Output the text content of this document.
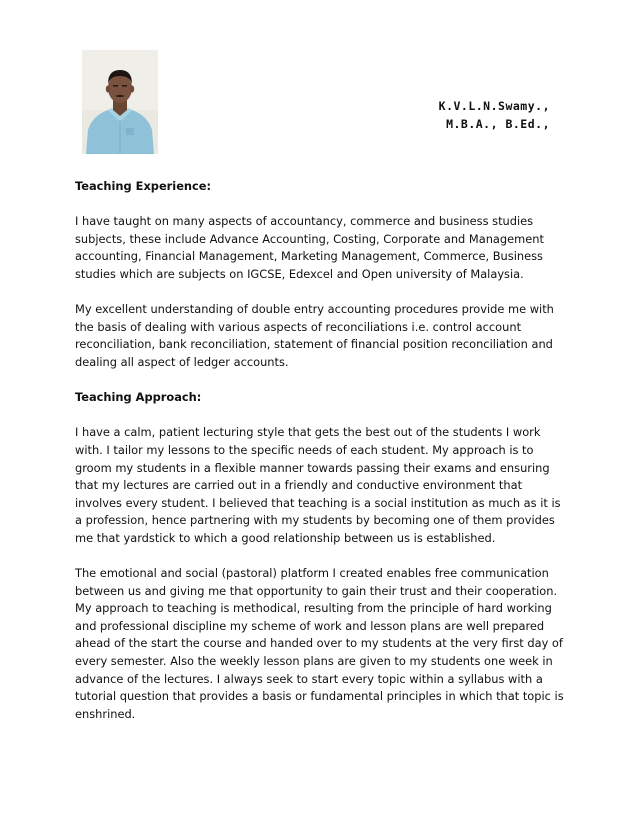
K.V.L.N.Swamy.,
M.B.A., B.Ed.,

Teaching Experience:

I have taught on many aspects of accountancy, commerce and business studies subjects, these include Advance Accounting, Costing, Corporate and Management accounting, Financial Management, Marketing Management, Commerce, Business studies which are subjects on IGCSE, Edexcel and Open university of Malaysia.

My excellent understanding of double entry accounting procedures provide me with the basis of dealing with various aspects of reconciliations i.e. control account reconciliation, bank reconciliation, statement of financial position reconciliation and dealing all aspect of ledger accounts.

Teaching Approach:

I have a calm, patient lecturing style that gets the best out of the students I work with. I tailor my lessons to the specific needs of each student. My approach is to groom my students in a flexible manner towards passing their exams and ensuring that my lectures are carried out in a friendly and conductive environment that involves every student. I believed that teaching is a social institution as much as it is a profession, hence partnering with my students by becoming one of them provides me that yardstick to which a good relationship between us is established.

The emotional and social (pastoral) platform I created enables free communication between us and giving me that opportunity to gain their trust and their cooperation.

My approach to teaching is methodical, resulting from the principle of hard working and professional discipline my scheme of work and lesson plans are well prepared ahead of the start the course and handed over to my students at the very first day of every semester. Also the weekly lesson plans are given to my students one week in advance of the lectures. I always seek to start every topic within a syllabus with a tutorial question that provides a basis or fundamental principles in which that topic is enshrined.
